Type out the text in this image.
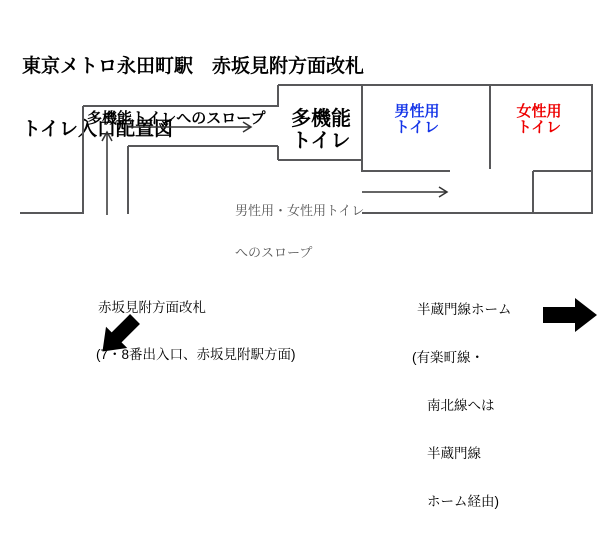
東京メトロ永田町駅　赤坂見附方面改札

トイレ入口配置図

	多機能
トイレ
男性用
トイレ
女性用
トイレ
多機能トイレへのスロープ

男性用・女性用トイレ

へのスロープ

赤坂見附方面改札

(7・8番出入口、赤坂見附駅方面)

半蔵門線ホーム

(有楽町線・

南北線へは

半蔵門線

ホーム経由)
